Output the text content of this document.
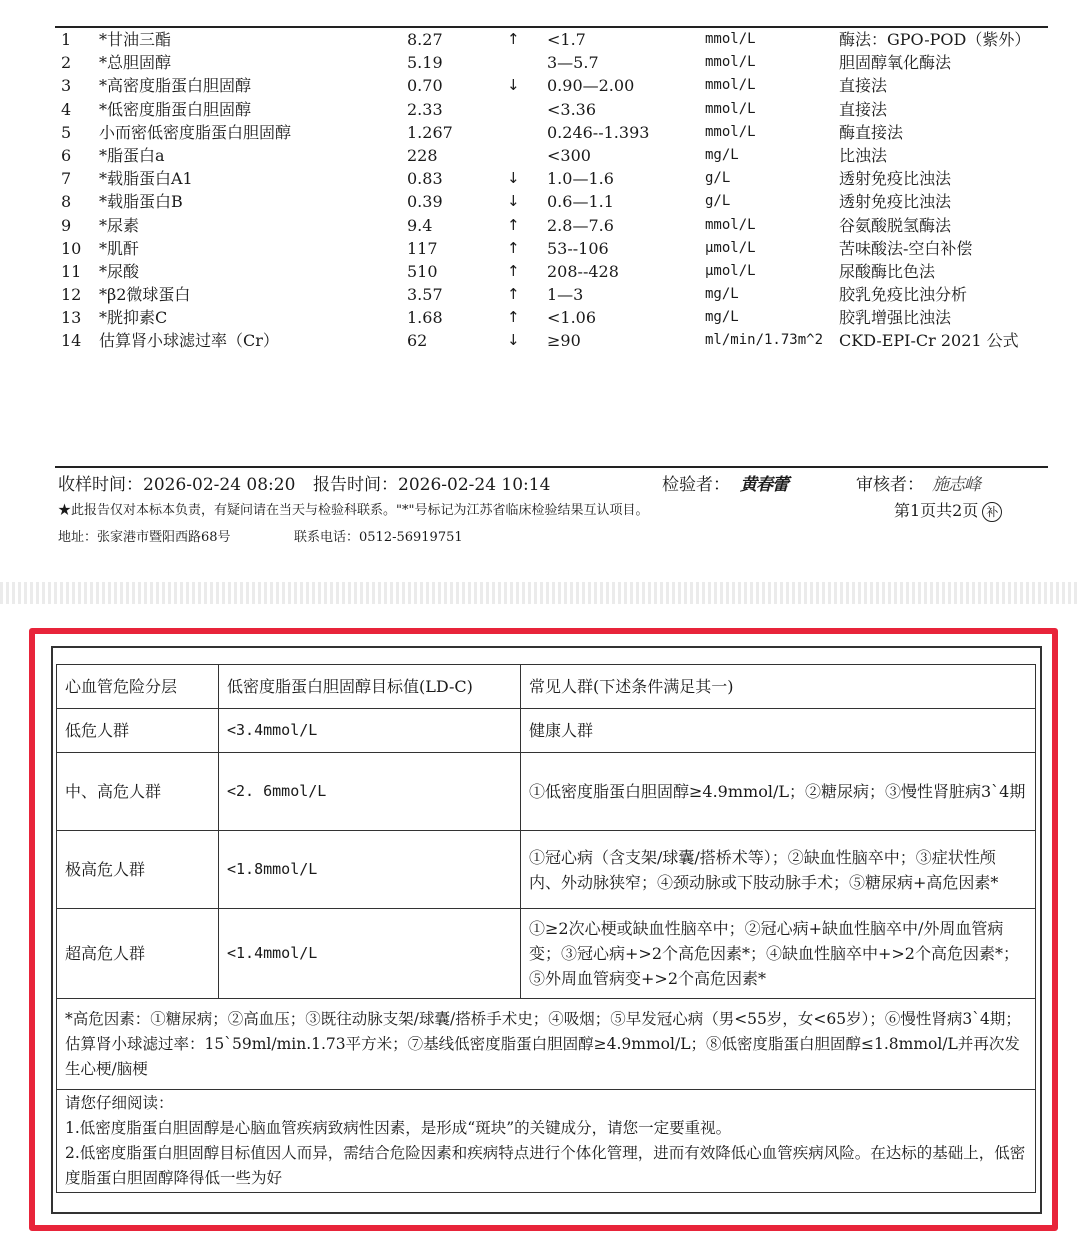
1 *甘油三酯	8.27	↑ <1.7	mmol/L	酶法：GPO-POD（紫外）
2 *总胆固醇	5.19	3—5.7	mmol/L	胆固醇氧化酶法
3 *高密度脂蛋白胆固醇	0.70	↓ 0.90—2.00	mmol/L	直接法
4 *低密度脂蛋白胆固醇	2.33	<3.36	mmol/L	直接法
5 小而密低密度脂蛋白胆固醇	1.267	0.246--1.393	mmol/L	酶直接法
6 *脂蛋白a	228	<300	mg/L	比浊法
7 *载脂蛋白A1	0.83	↓ 1.0—1.6	g/L	透射免疫比浊法
8 *载脂蛋白B	0.39	↓ 0.6—1.1	g/L	透射免疫比浊法
9 *尿素	9.4	↑ 2.8—7.6	mmol/L	谷氨酸脱氢酶法
10 *肌酐	117	↑ 53--106	μmol/L	苦味酸法-空白补偿
11 *尿酸	510	↑ 208--428	μmol/L	尿酸酶比色法
12 *β2微球蛋白	3.57	↑ 1—3	mg/L	胶乳免疫比浊分析
13 *胱抑素C	1.68	↑ <1.06	mg/L	胶乳增强比浊法
14 估算肾小球滤过率（Cr）	62	↓ ≥90	ml/min/1.73m^2 CKD-EPI-Cr 2021 公式
收样时间：2026-02-24 08:20 报告时间：2026-02-24 10:14	检验者： 黄春蕾	审核者： 施志峰
★此报告仅对本标本负责，有疑问请在当天与检验科联系。"*"号标记为江苏省临床检验结果互认项目。	第1页共2页 补
地址：张家港市暨阳西路68号	联系电话：0512-56919751
心血管危险分层	低密度脂蛋白胆固醇目标值(LD-C)	常见人群(下述条件满足其一)
低危人群	<3.4mmol/L	健康人群
中、高危人群	<2. 6mmol/L	①低密度脂蛋白胆固醇≥4.9mmol/L；②糖尿病；③慢性肾脏病3`4期
极高危人群	<1.8mmol/L	①冠心病（含支架/球囊/搭桥术等）；②缺血性脑卒中；③症状性颅内、外动脉狭窄；④颈动脉或下肢动脉手术；⑤糖尿病+高危因素*
超高危人群	<1.4mmol/L	①≥2次心梗或缺血性脑卒中；②冠心病+缺血性脑卒中/外周血管病变；③冠心病+>2个高危因素*；④缺血性脑卒中+>2个高危因素*；⑤外周血管病变+>2个高危因素*
*高危因素：①糖尿病；②高血压；③既往动脉支架/球囊/搭桥手术史；④吸烟；⑤早发冠心病（男<55岁，女<65岁）；⑥慢性肾病3`4期；估算肾小球滤过率：15`59ml/min.1.73平方米；⑦基线低密度脂蛋白胆固醇≥4.9mmol/L；⑧低密度脂蛋白胆固醇≤1.8mmol/L并再次发生心梗/脑梗		

请您仔细阅读：
1.低密度脂蛋白胆固醇是心脑血管疾病致病性因素，是形成“斑块”的关键成分，请您一定要重视。
2.低密度脂蛋白胆固醇目标值因人而异，需结合危险因素和疾病特点进行个体化管理，进而有效降低心血管疾病风险。在达标的基础上，低密度脂蛋白胆固醇降得低一些为好		
